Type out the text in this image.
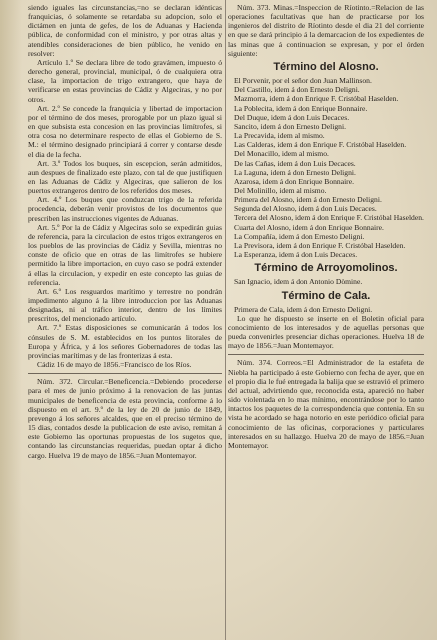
siendo iguales las circunstancias,=no se declaran idénticas franquicias, ó solamente se retardaba su adopcion, solo el dictámen en junta de gefes, de los de Aduanas y Hacienda pública, de conformidad con el ministro, y por otras altas y atendibles consideraciones de bien público, he venido en resolver:

Artículo 1.º Se declara libre de todo gravámen, impuesto ó derecho general, provincial, municipal, ó de cualquiera otra clase, la importacion de trigo extrangero, que haya de verificarse en estas provincias de Cádiz y Algeciras, y no por otros.

Art. 2.º Se concede la franquicia y libertad de importacion por el término de dos meses, prorogable por un plazo igual si en que subsista esta concesion en las provincias limítrofes, si otra cosa no determinare respecto de ellas el Gobierno de S. M.: el término designado principiará á correr y contarse desde el dia de la fecha.

Art. 3.º Todos los buques, sin escepcion, serán admitidos, aun despues de finalizado este plazo, con tal de que justifiquen en las Aduanas de Cádiz y Algeciras, que salieron de los puertos extrangeros dentro de los referidos dos meses.

Art. 4.º Los buques que conduzcan trigo de la referida procedencia, deberán venir provistos de los documentos que prescriben las instrucciones vigentes de Aduanas.

Art. 5.º Por la de Cádiz y Algeciras solo se expedirán guias de referencia, para la circulacion de estos trigos extrangeros en los pueblos de las provincias de Cádiz y Sevilla, mientras no conste de oficio que en otras de las limítrofes se hubiere permitido la libre importacion, en cuyo caso se podrá extender á ellas la circulacion, y expedir en este concepto las guias de referencia.

Art. 6.º Los resguardos marítimo y terrestre no pondrán impedimento alguno á la libre introduccion por las Aduanas designadas, ni al tráfico interior, dentro de los límites prescritos, del mencionado artículo.

Art. 7.º Estas disposiciones se comunicarán á todos los cónsules de S. M. establecidos en los puntos litorales de Europa y África, y á los señores Gobernadores de todas las provincias marítimas y de las fronterizas á esta.

Cádiz 16 de mayo de 1856.=Francisco de los Ríos.

Núm. 372. Circular.=Beneficencia.=Debiendo procederse para el mes de junio próximo á la renovacion de las juntas municipales de beneficencia de esta provincia, conforme á lo dispuesto en el art. 9.º de la ley de 20 de junio de 1849, prevengo á los señores alcaldes, que en el preciso término de 15 dias, contados desde la publicacion de este aviso, remitan á este Gobierno las oportunas propuestas de los sugetos que, contando las circunstancias requeridas, puedan optar á dicho cargo. Huelva 19 de mayo de 1856.=Juan Montemayor.

Núm. 373. Minas.=Inspeccion de Ríotinto.=Relacion de las operaciones facultativas que han de practicarse por los ingenieros del distrito de Ríotinto desde el dia 21 del corriente en que se dará principio á la demarcacion de los expedientes de las minas que á continuacion se expresan, y por el órden siguiente:

Término del Alosno.

El Porvenir, por el señor don Juan Mallinson.

Del Castillo, idem á don Ernesto Deligni.

Mazmorra, idem á don Enrique F. Cristóbal Haselden.

La Poblecita, idem á don Enrique Bonnaire.

Del Duque, idem á don Luis Decaces.

Sancito, idem á don Ernesto Deligni.

La Precavida, idem al mismo.

Las Calderas, idem á don Enrique F. Cristóbal Haselden.

Del Monacillo, idem al mismo.

De las Cañas, idem á don Luis Decaces.

La Laguna, idem á don Ernesto Deligni.

Azarosa, idem á don Enrique Bonnaire.

Del Molinillo, idem al mismo.

Primera del Alosno, idem á don Ernesto Deligni.

Segunda del Alosno, idem á don Luis Decaces.

Tercera del Alosno, idem á don Enrique F. Cristóbal Haselden.

Cuarta del Alosno, idem á don Enrique Bonnaire.

La Compañía, idem á don Ernesto Deligni.

La Previsora, idem á don Enrique F. Cristóbal Haselden.

La Esperanza, idem á don Luis Decaces.

Término de Arroyomolinos.

San Ignacio, idem á don Antonio Dòmine.

Término de Cala.

Primera de Cala, idem á don Ernesto Deligni.

Lo que he dispuesto se inserte en el Boletin oficial para conocimiento de los interesados y de aquellas personas que pueda convenirles presenciar dichas operaciones. Huelva 18 de mayo de 1856.=Juan Montemayor.

Núm. 374. Correos.=El Administrador de la estafeta de Niebla ha participado á este Gobierno con fecha de ayer, que en el propio dia le fué entregada la balija que se estravió el primero del actual, advirtiendo que, reconocida esta, apareció no haber sido violentada en lo mas mínimo, encontrándose por lo tanto intactos los paquetes de la correspondencia que contenia. En su vista he acordado se haga notorio en este periódico oficial para conocimiento de las oficinas, corporaciones y particulares interesados en su hallazgo. Huelva 20 de mayo de 1856.=Juan Montemayor.
